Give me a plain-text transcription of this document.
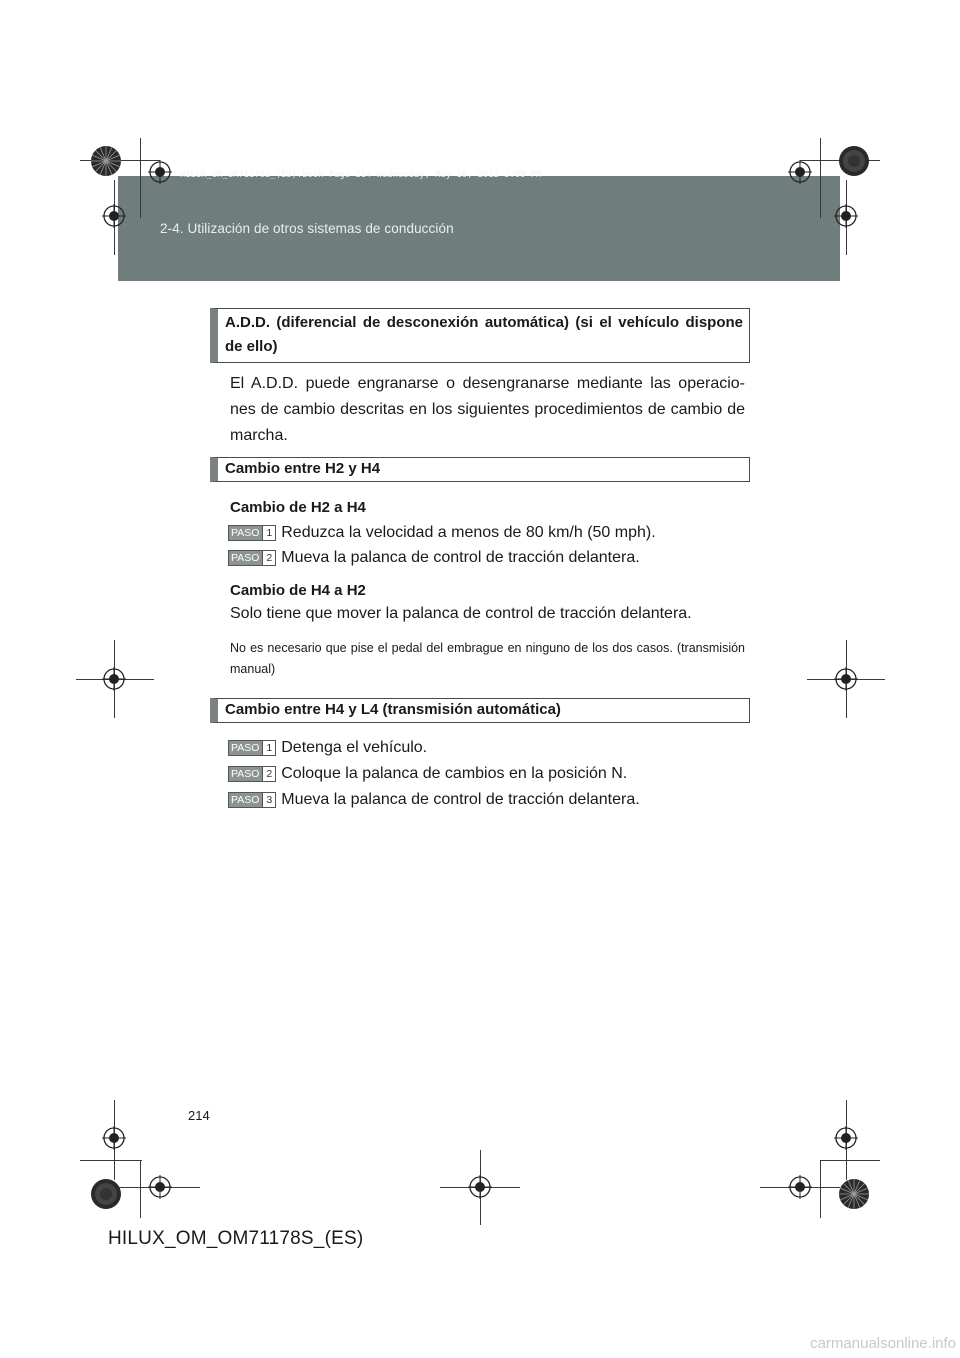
HILUX_OM_OM71178S_(ES).book Page 214 Wednesday, May 16, 2012 3:09 PM
2-4. Utilización de otros sistemas de conducción
A.D.D. (diferencial de desconexión automática) (si el vehículo dispone de ello)
El A.D.D. puede engranarse o desengranarse mediante las operacio-nes de cambio descritas en los siguientes procedimientos de cambio de marcha.
Cambio entre H2 y H4
Cambio de H2 a H4
PASO 1 Reduzca la velocidad a menos de 80 km/h (50 mph).
PASO 2 Mueva la palanca de control de tracción delantera.
Cambio de H4 a H2
Solo tiene que mover la palanca de control de tracción delantera.
No es necesario que pise el pedal del embrague en ninguno de los dos casos. (transmisión manual)
Cambio entre H4 y L4 (transmisión automática)
PASO 1 Detenga el vehículo.
PASO 2 Coloque la palanca de cambios en la posición N.
PASO 3 Mueva la palanca de control de tracción delantera.
214
HILUX_OM_OM71178S_(ES)
carmanualsonline.info
